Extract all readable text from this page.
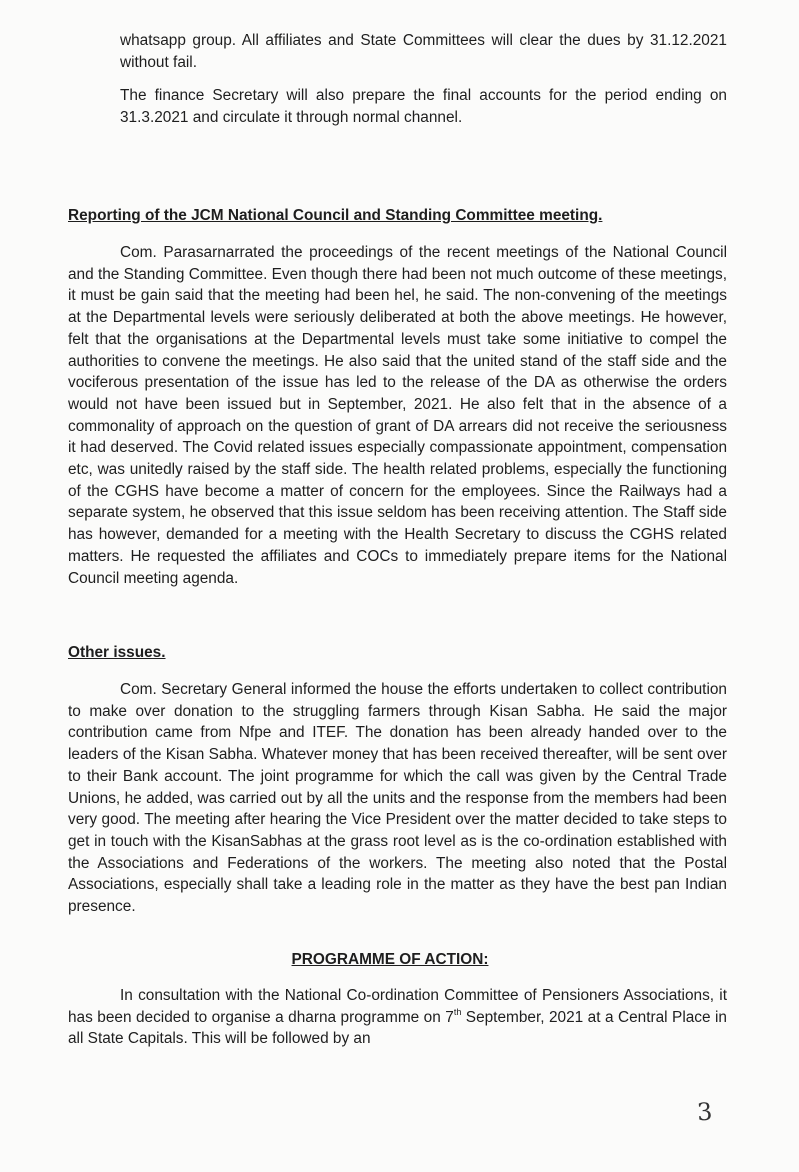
whatsapp group. All affiliates and State Committees will clear the dues by 31.12.2021 without fail.

The finance Secretary will also prepare the final accounts for the period ending on 31.3.2021 and circulate it through normal channel.

Reporting of the JCM National Council and Standing Committee meeting.

Com. Parasarnarrated the proceedings of the recent meetings of the National Council and the Standing Committee. Even though there had been not much outcome of these meetings, it must be gain said that the meeting had been hel, he said. The non-convening of the meetings at the Departmental levels were seriously deliberated at both the above meetings. He however, felt that the organisations at the Departmental levels must take some initiative to compel the authorities to convene the meetings. He also said that the united stand of the staff side and the vociferous presentation of the issue has led to the release of the DA as otherwise the orders would not have been issued but in September, 2021. He also felt that in the absence of a commonality of approach on the question of grant of DA arrears did not receive the seriousness it had deserved. The Covid related issues especially compassionate appointment, compensation etc, was unitedly raised by the staff side. The health related problems, especially the functioning of the CGHS have become a matter of concern for the employees. Since the Railways had a separate system, he observed that this issue seldom has been receiving attention. The Staff side has however, demanded for a meeting with the Health Secretary to discuss the CGHS related matters. He requested the affiliates and COCs to immediately prepare items for the National Council meeting agenda.

Other issues.

Com. Secretary General informed the house the efforts undertaken to collect contribution to make over donation to the struggling farmers through Kisan Sabha. He said the major contribution came from Nfpe and ITEF. The donation has been already handed over to the leaders of the Kisan Sabha. Whatever money that has been received thereafter, will be sent over to their Bank account. The joint programme for which the call was given by the Central Trade Unions, he added, was carried out by all the units and the response from the members had been very good. The meeting after hearing the Vice President over the matter decided to take steps to get in touch with the KisanSabhas at the grass root level as is the co-ordination established with the Associations and Federations of the workers. The meeting also noted that the Postal Associations, especially shall take a leading role in the matter as they have the best pan Indian presence.

PROGRAMME OF ACTION:

In consultation with the National Co-ordination Committee of Pensioners Associations, it has been decided to organise a dharna programme on 7th September, 2021 at a Central Place in all State Capitals. This will be followed by an

3
